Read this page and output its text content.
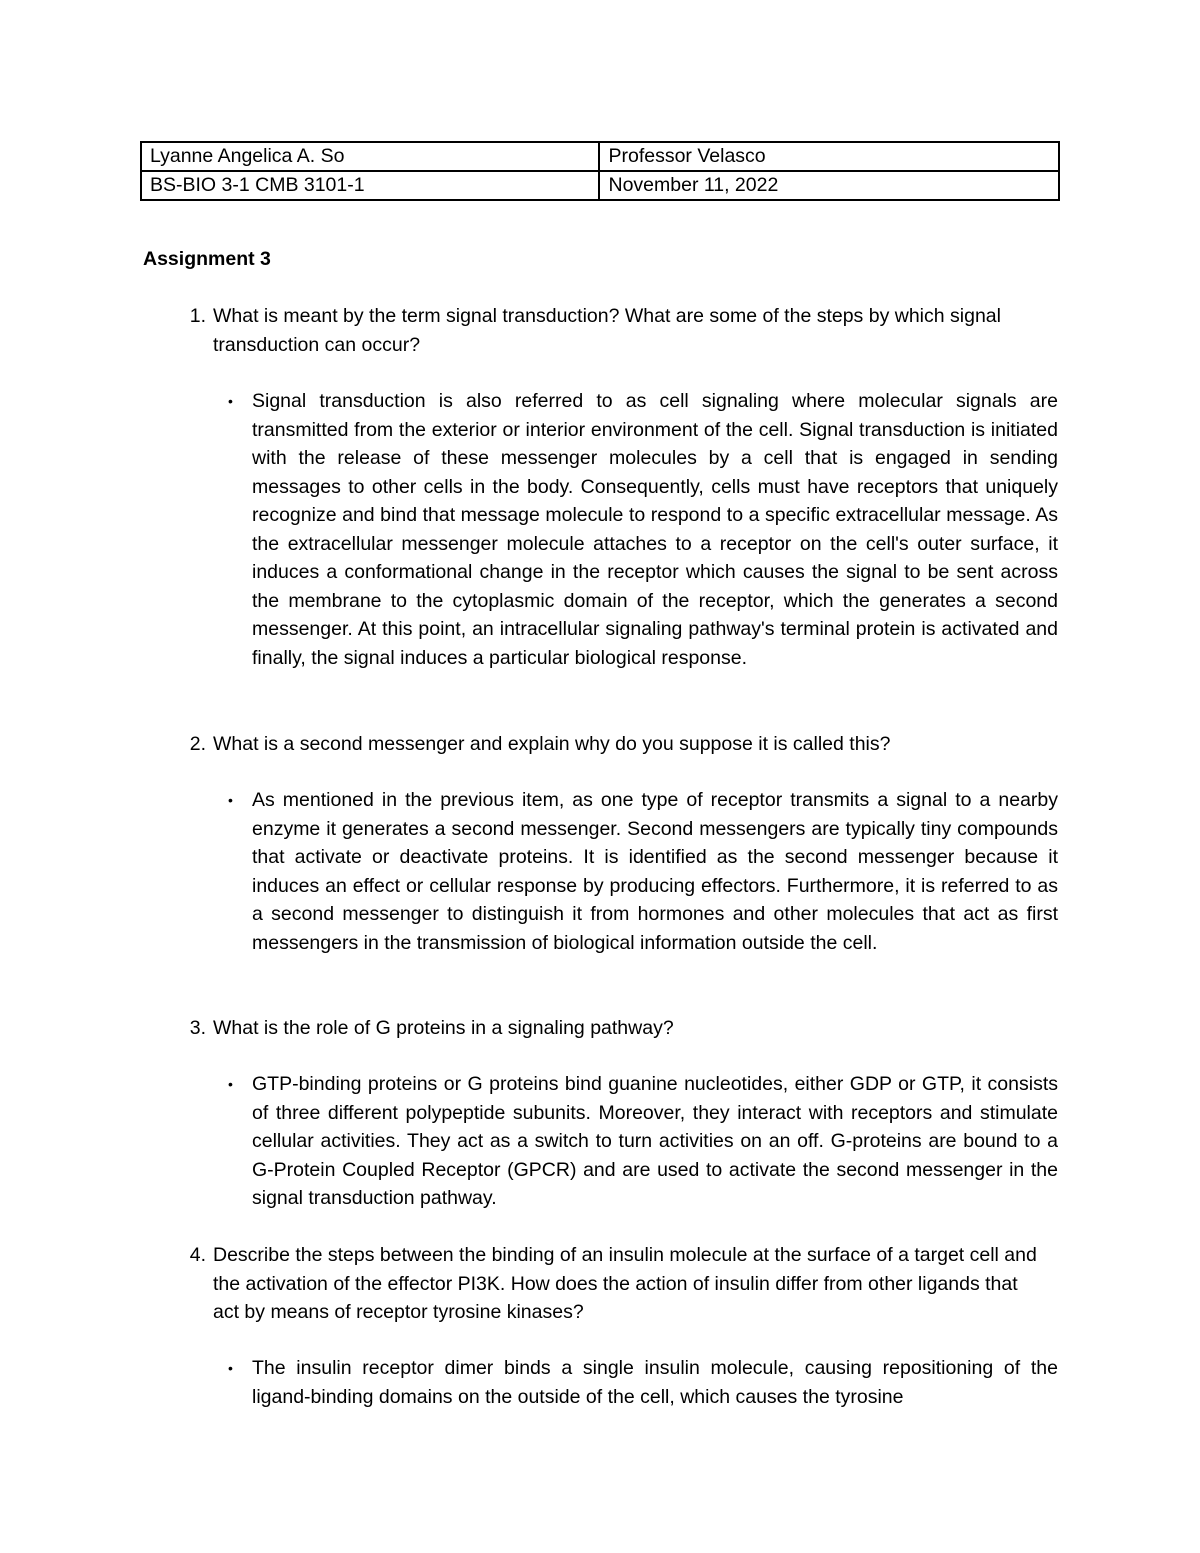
Lyanne Angelica A. So	Professor Velasco
BS-BIO 3-1 CMB 3101-1	November 11, 2022
Assignment 3
1. What is meant by the term signal transduction? What are some of the steps by which signal transduction can occur?
• Signal transduction is also referred to as cell signaling where molecular signals are transmitted from the exterior or interior environment of the cell. Signal transduction is initiated with the release of these messenger molecules by a cell that is engaged in sending messages to other cells in the body. Consequently, cells must have receptors that uniquely recognize and bind that message molecule to respond to a specific extracellular message. As the extracellular messenger molecule attaches to a receptor on the cell's outer surface, it induces a conformational change in the receptor which causes the signal to be sent across the membrane to the cytoplasmic domain of the receptor, which the generates a second messenger. At this point, an intracellular signaling pathway's terminal protein is activated and finally, the signal induces a particular biological response.
2. What is a second messenger and explain why do you suppose it is called this?
• As mentioned in the previous item, as one type of receptor transmits a signal to a nearby enzyme it generates a second messenger. Second messengers are typically tiny compounds that activate or deactivate proteins. It is identified as the second messenger because it induces an effect or cellular response by producing effectors. Furthermore, it is referred to as a second messenger to distinguish it from hormones and other molecules that act as first messengers in the transmission of biological information outside the cell.
3. What is the role of G proteins in a signaling pathway?
• GTP-binding proteins or G proteins bind guanine nucleotides, either GDP or GTP, it consists of three different polypeptide subunits. Moreover, they interact with receptors and stimulate cellular activities. They act as a switch to turn activities on an off. G-proteins are bound to a G-Protein Coupled Receptor (GPCR) and are used to activate the second messenger in the signal transduction pathway.
4. Describe the steps between the binding of an insulin molecule at the surface of a target cell and the activation of the effector PI3K. How does the action of insulin differ from other ligands that act by means of receptor tyrosine kinases?
• The insulin receptor dimer binds a single insulin molecule, causing repositioning of the ligand-binding domains on the outside of the cell, which causes the tyrosine
